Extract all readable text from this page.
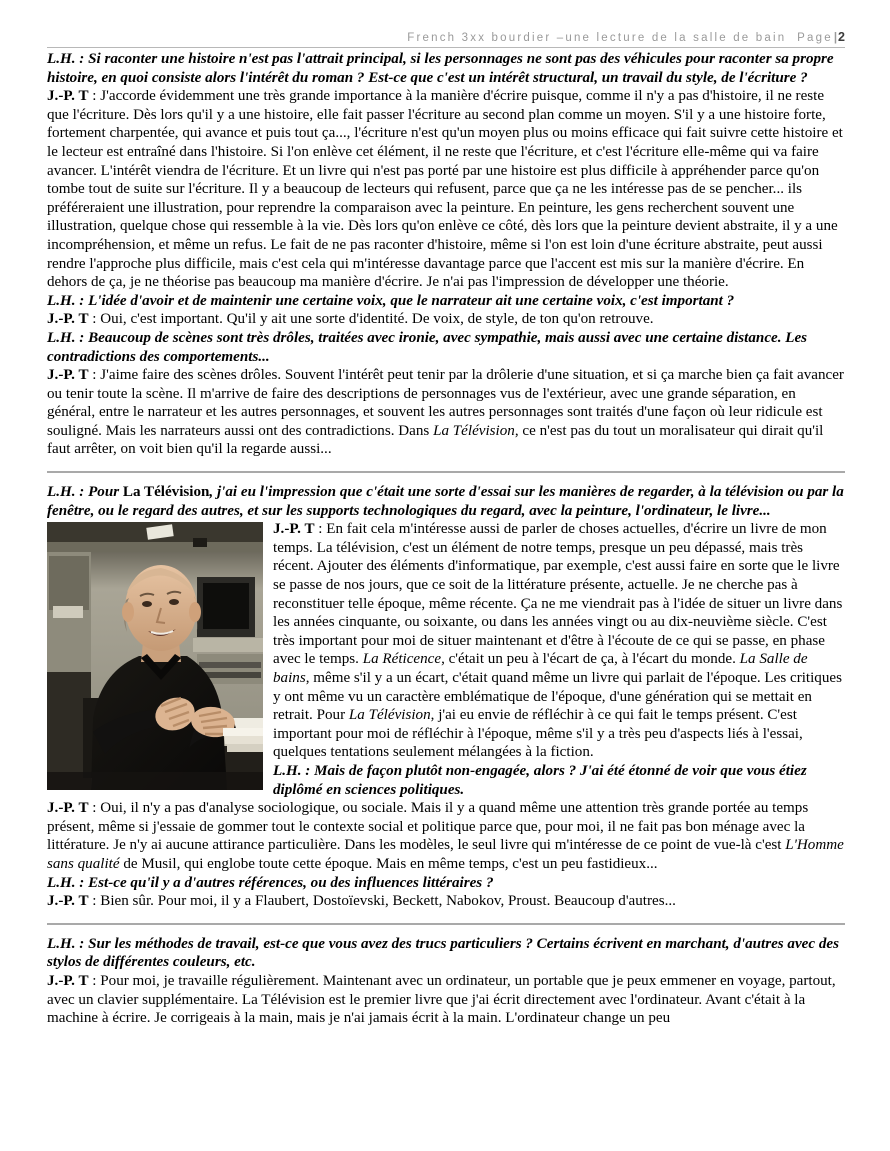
French 3xx bourdier –une lecture de la salle de bain Page|2

L.H. : Si raconter une histoire n'est pas l'attrait principal, si les personnages ne sont pas des véhicules pour raconter sa propre histoire, en quoi consiste alors l'intérêt du roman ? Est-ce que c'est un intérêt structural, un travail du style, de l'écriture ?

J.-P. T : J'accorde évidemment une très grande importance à la manière d'écrire puisque, comme il n'y a pas d'histoire, il ne reste que l'écriture. Dès lors qu'il y a une histoire, elle fait passer l'écriture au second plan comme un moyen. S'il y a une histoire forte, fortement charpentée, qui avance et puis tout ça..., l'écriture n'est qu'un moyen plus ou moins efficace qui fait suivre cette histoire et le lecteur est entraîné dans l'histoire. Si l'on enlève cet élément, il ne reste que l'écriture, et c'est l'écriture elle-même qui va faire avancer. L'intérêt viendra de l'écriture. Et un livre qui n'est pas porté par une histoire est plus difficile à appréhender parce qu'on tombe tout de suite sur l'écriture. Il y a beaucoup de lecteurs qui refusent, parce que ça ne les intéresse pas de se pencher... ils préféreraient une illustration, pour reprendre la comparaison avec la peinture. En peinture, les gens recherchent souvent une illustration, quelque chose qui ressemble à la vie. Dès lors qu'on enlève ce côté, dès lors que la peinture devient abstraite, il y a une incompréhension, et même un refus. Le fait de ne pas raconter d'histoire, même si l'on est loin d'une écriture abstraite, peut aussi rendre l'approche plus difficile, mais c'est cela qui m'intéresse davantage parce que l'accent est mis sur la manière d'écrire. En dehors de ça, je ne théorise pas beaucoup ma manière d'écrire. Je n'ai pas l'impression de développer une théorie.

L.H. : L'idée d'avoir et de maintenir une certaine voix, que le narrateur ait une certaine voix, c'est important ?

J.-P. T : Oui, c'est important. Qu'il y ait une sorte d'identité. De voix, de style, de ton qu'on retrouve.

L.H. : Beaucoup de scènes sont très drôles, traitées avec ironie, avec sympathie, mais aussi avec une certaine distance. Les contradictions des comportements...

J.-P. T : J'aime faire des scènes drôles. Souvent l'intérêt peut tenir par la drôlerie d'une situation, et si ça marche bien ça fait avancer ou tenir toute la scène. Il m'arrive de faire des descriptions de personnages vus de l'extérieur, avec une grande séparation, en général, entre le narrateur et les autres personnages, et souvent les autres personnages sont traités d'une façon où leur ridicule est souligné. Mais les narrateurs aussi ont des contradictions. Dans La Télévision, ce n'est pas du tout un moralisateur qui dirait qu'il faut arrêter, on voit bien qu'il la regarde aussi...

L.H. : Pour La Télévision, j'ai eu l'impression que c'était une sorte d'essai sur les manières de regarder, à la télévision ou par la fenêtre, ou le regard des autres, et sur les supports technologiques du regard, avec la peinture, l'ordinateur, le livre...

J.-P. T : En fait cela m'intéresse aussi de parler de choses actuelles, d'écrire un livre de mon temps. La télévision, c'est un élément de notre temps, presque un peu dépassé, mais très récent. Ajouter des éléments d'informatique, par exemple, c'est aussi faire en sorte que le livre se passe de nos jours, que ce soit de la littérature présente, actuelle. Je ne cherche pas à reconstituer telle époque, même récente. Ça ne me viendrait pas à l'idée de situer un livre dans les années cinquante, ou soixante, ou dans les années vingt ou au dix-neuvième siècle. C'est très important pour moi de situer maintenant et d'être à l'écoute de ce qui se passe, en phase avec le temps. La Réticence, c'était un peu à l'écart de ça, à l'écart du monde. La Salle de bains, même s'il y a un écart, c'était quand même un livre qui parlait de l'époque. Les critiques y ont même vu un caractère emblématique de l'époque, d'une génération qui se mettait en retrait. Pour La Télévision, j'ai eu envie de réfléchir à ce qui fait le temps présent. C'est important pour moi de réfléchir à l'époque, même s'il y a très peu d'aspects liés à l'essai, quelques tentations seulement mélangées à la fiction.

L.H. : Mais de façon plutôt non-engagée, alors ? J'ai été étonné de voir que vous étiez diplômé en sciences politiques.

J.-P. T : Oui, il n'y a pas d'analyse sociologique, ou sociale. Mais il y a quand même une attention très grande portée au temps présent, même si j'essaie de gommer tout le contexte social et politique parce que, pour moi, il ne fait pas bon ménage avec la littérature. Je n'y ai aucune attirance particulière. Dans les modèles, le seul livre qui m'intéresse de ce point de vue-là c'est L'Homme sans qualité de Musil, qui englobe toute cette époque. Mais en même temps, c'est un peu fastidieux...

L.H. : Est-ce qu'il y a d'autres références, ou des influences littéraires ?

J.-P. T : Bien sûr. Pour moi, il y a Flaubert, Dostoïevski, Beckett, Nabokov, Proust. Beaucoup d'autres...

L.H. : Sur les méthodes de travail, est-ce que vous avez des trucs particuliers ? Certains écrivent en marchant, d'autres avec des stylos de différentes couleurs, etc.

J.-P. T : Pour moi, je travaille régulièrement. Maintenant avec un ordinateur, un portable que je peux emmener en voyage, partout, avec un clavier supplémentaire. La Télévision est le premier livre que j'ai écrit directement avec l'ordinateur. Avant c'était à la machine à écrire. Je corrigeais à la main, mais je n'ai jamais écrit à la main. L'ordinateur change un peu
